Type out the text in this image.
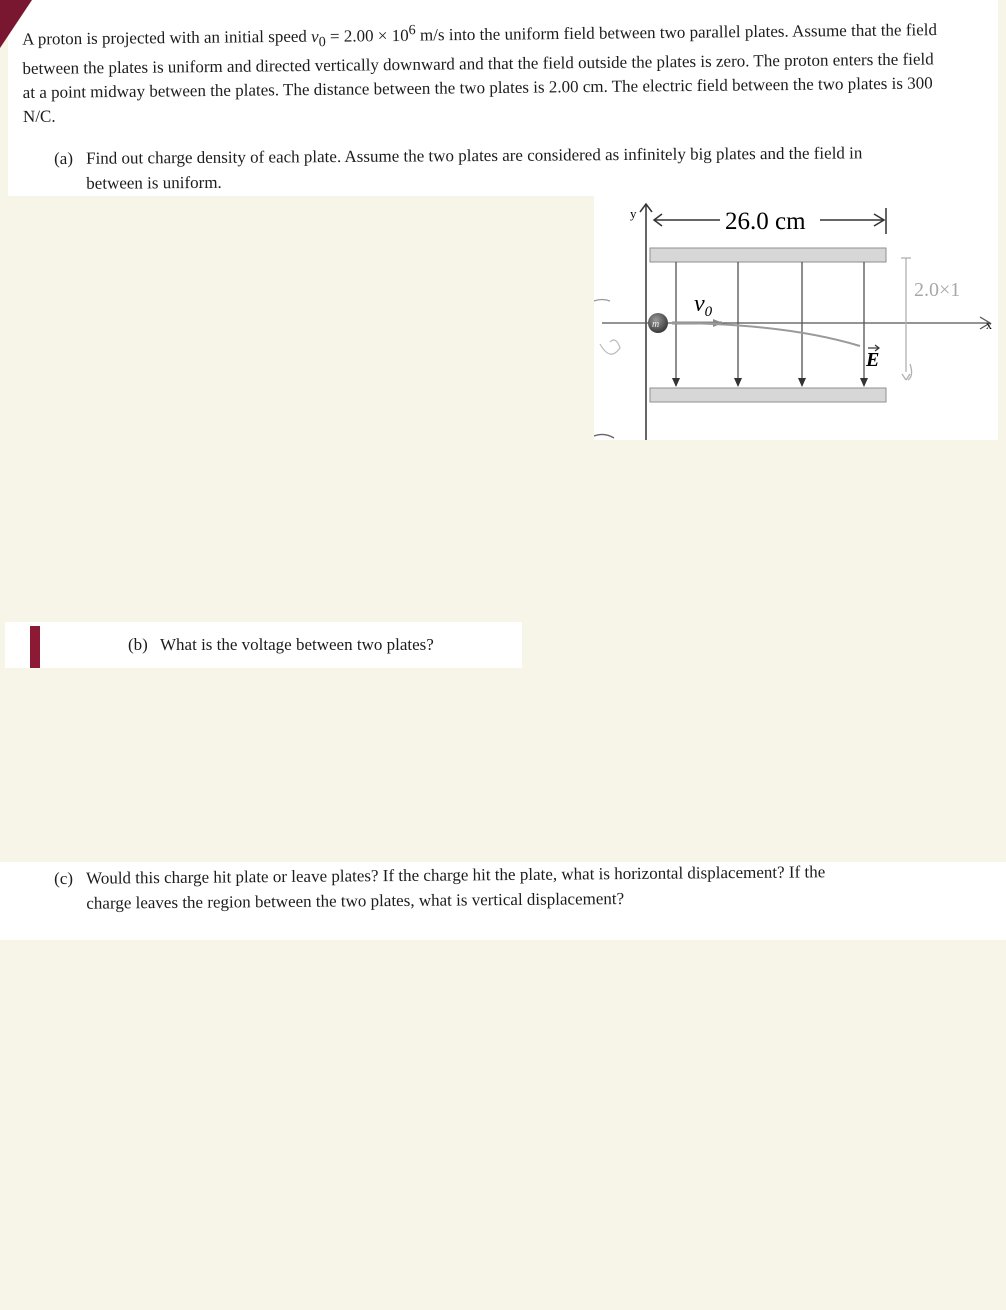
A proton is projected with an initial speed $v_0 = 2.00 \times 10^6$ m/s into the uniform field between two parallel plates. Assume that the field between the plates is uniform and directed vertically downward and that the field outside the plates is zero. The proton enters the field at a point midway between the plates. The distance between the two plates is 2.00 cm. The electric field between the two plates is 300 N/C.

(a) Find out charge density of each plate. Assume the two plates are considered as infinitely big plates and the field in
between is uniform.

(b) What is the voltage between two plates?

(c) Would this charge hit plate or leave plates? If the charge hit the plate, what is horizontal displacement? If the
charge leaves the region between the two plates, what is vertical displacement?

y	26.0 cm
x
$v_0$
m
E
2.0×1
